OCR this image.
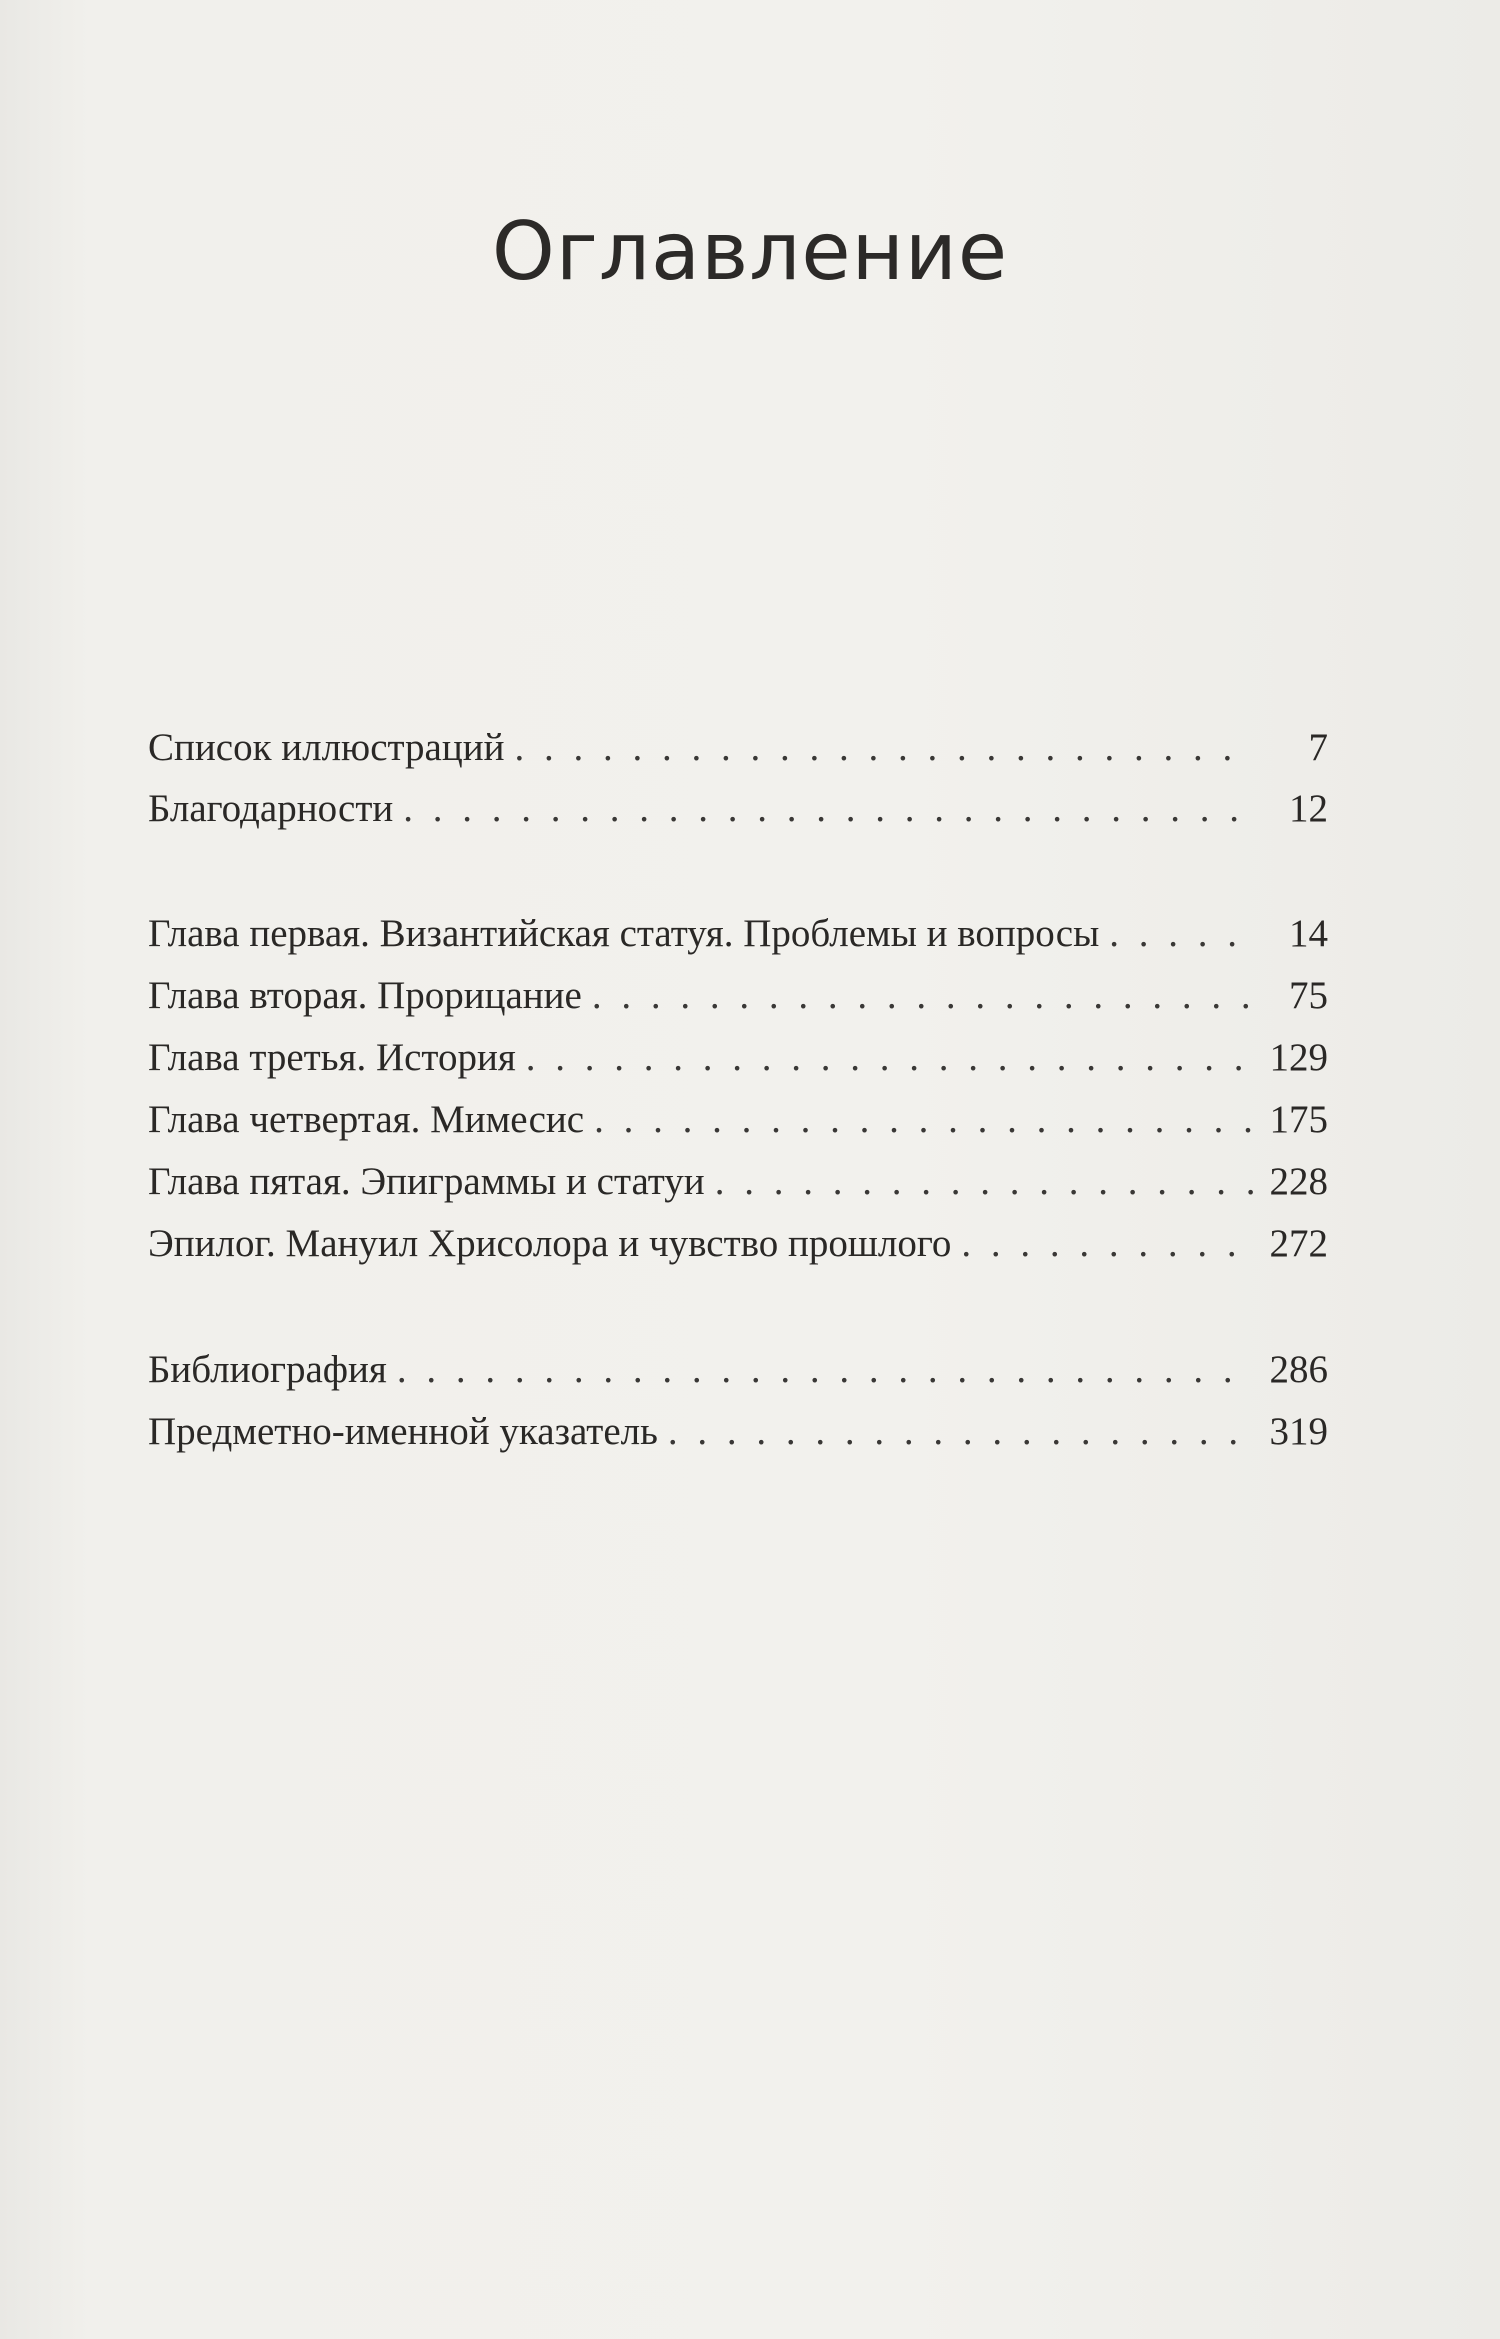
Оглавление
Список иллюстраций . . .	7
Благодарности . . .	12
Глава первая. Византийская статуя. Проблемы и вопросы . . .	14
Глава вторая. Прорицание . . .	75
Глава третья. История . . .	129
Глава четвертая. Мимесис . . .	175
Глава пятая. Эпиграммы и статуи . . .	228
Эпилог. Мануил Хрисолора и чувство прошлого . . .	272
Библиография . . .	286
Предметно-именной указатель . . .	319
